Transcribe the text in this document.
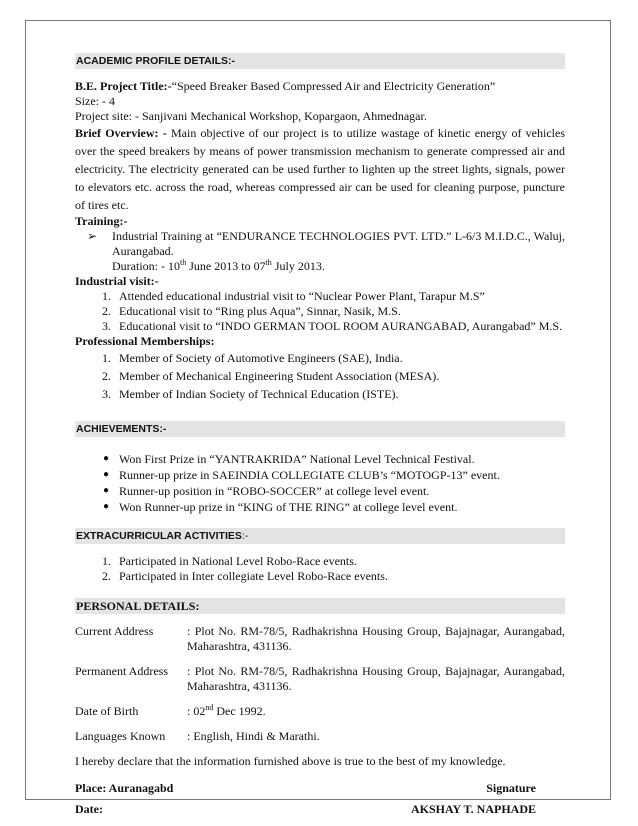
ACADEMIC PROFILE DETAILS:-

B.E. Project Title:-“Speed Breaker Based Compressed Air and Electricity Generation”

Size: - 4

Project site: - Sanjivani Mechanical Workshop, Kopargaon, Ahmednagar.

Brief Overview: - Main objective of our project is to utilize wastage of kinetic energy of vehicles over the speed breakers by means of power transmission mechanism to generate compressed air and electricity. The electricity generated can be used further to lighten up the street lights, signals, power to elevators etc. across the road, whereas compressed air can be used for cleaning purpose, puncture of tires etc.

Training:-

➢ Industrial Training at “ENDURANCE TECHNOLOGIES PVT. LTD.” L-6/3 M.I.D.C., Waluj, Aurangabad.

Duration: - 10th June 2013 to 07th July 2013.

Industrial visit:-

1. Attended educational industrial visit to “Nuclear Power Plant, Tarapur M.S”
2. Educational visit to “Ring plus Aqua”, Sinnar, Nasik, M.S.
3. Educational visit to “INDO GERMAN TOOL ROOM AURANGABAD, Aurangabad” M.S.

Professional Memberships:

1. Member of Society of Automotive Engineers (SAE), India.
2. Member of Mechanical Engineering Student Association (MESA).
3. Member of Indian Society of Technical Education (ISTE).
ACHIEVEMENTS:-
● Won First Prize in “YANTRAKRIDA” National Level Technical Festival.
● Runner-up prize in SAEINDIA COLLEGIATE CLUB’s “MOTOGP-13” event.
● Runner-up position in “ROBO-SOCCER” at college level event.
● Won Runner-up prize in “KING of THE RING” at college level event.
EXTRACURRICULAR ACTIVITIES:-
1. Participated in National Level Robo-Race events.
2. Participated in Inter collegiate Level Robo-Race events.
PERSONAL DETAILS:
Current Address	: Plot No. RM-78/5, Radhakrishna Housing Group, Bajajnagar, Aurangabad, Maharashtra, 431136.
Permanent Address	: Plot No. RM-78/5, Radhakrishna Housing Group, Bajajnagar, Aurangabad, Maharashtra, 431136.
Date of Birth	: 02nd Dec 1992.
Languages Known	: English, Hindi & Marathi.

I hereby declare that the information furnished above is true to the best of my knowledge.

Place: Auranagabd	Signature
Date:	AKSHAY T. NAPHADE
